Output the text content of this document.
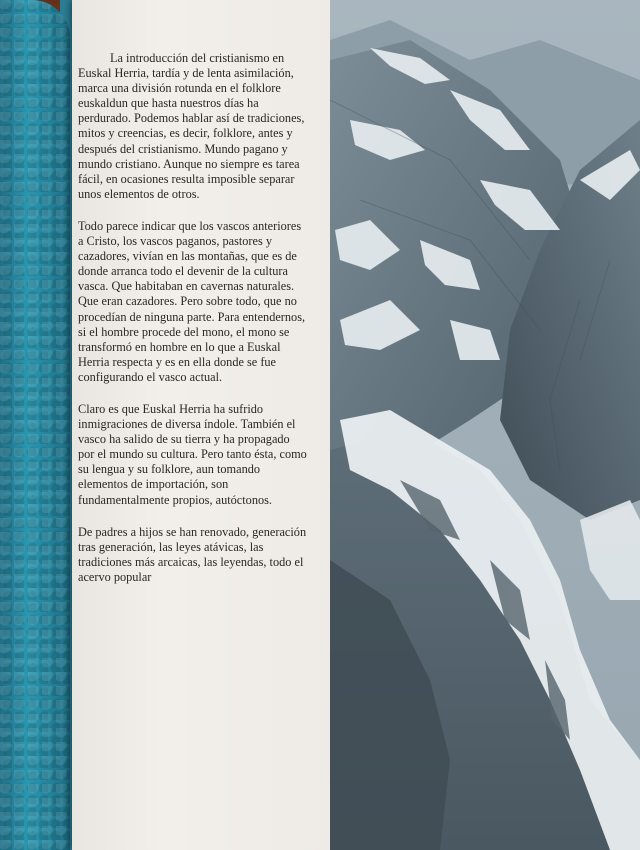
La introducción del cristianismo en Euskal Herria, tardía y de lenta asimilación, marca una división rotunda en el folklore euskaldun que hasta nuestros días ha perdurado. Podemos hablar así de tradiciones, mitos y creencias, es decir, folklore, antes y después del cristianismo. Mundo pagano y mundo cristiano. Aunque no siempre es tarea fácil, en ocasiones resulta imposible separar unos elementos de otros.

Todo parece indicar que los vascos anteriores a Cristo, los vascos paganos, pastores y cazadores, vivían en las montañas, que es de donde arranca todo el devenir de la cultura vasca. Que habitaban en cavernas naturales. Que eran cazadores. Pero sobre todo, que no procedían de ninguna parte. Para entendernos, si el hombre procede del mono, el mono se transformó en hombre en lo que a Euskal Herria respecta y es en ella donde se fue configurando el vasco actual.

Claro es que Euskal Herria ha sufrido inmigraciones de diversa índole. También el vasco ha salido de su tierra y ha propagado por el mundo su cultura. Pero tanto ésta, como su lengua y su folklore, aun tomando elementos de importación, son fundamentalmente propios, autóctonos.

De padres a hijos se han renovado, generación tras generación, las leyes atávicas, las tradiciones más arcaicas, las leyendas, todo el acervo popular
